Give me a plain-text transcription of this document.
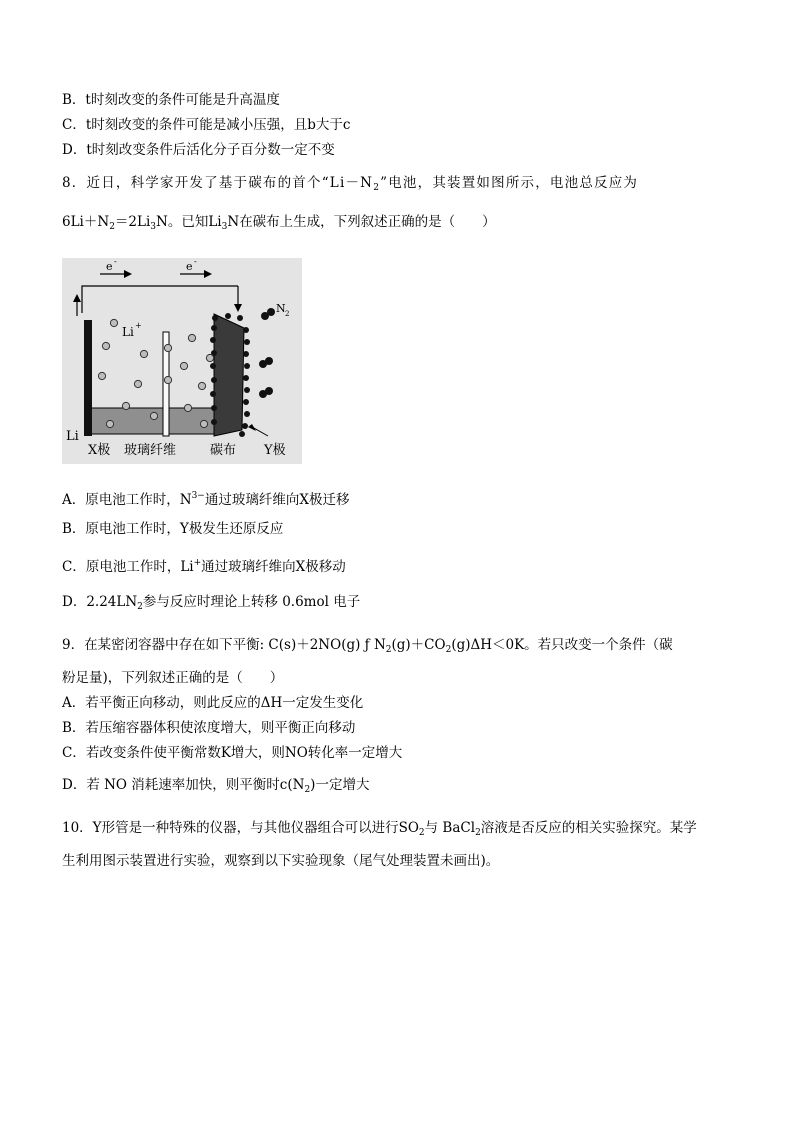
B．t时刻改变的条件可能是升高温度
C．t时刻改变的条件可能是减小压强，且b大于c
D．t时刻改变条件后活化分子百分数一定不变
8．近日，科学家开发了基于碳布的首个“$Li-N_2$”电池，其装置如图所示，电池总反应为
$6Li+N_2=2Li_3N$。已知$Li_3N$在碳布上生成，下列叙述正确的是（　　）
e -	e -
N 2
Li +
Li
X极 玻璃纤维	碳布 Y极
A．原电池工作时，$N^{3-}$通过玻璃纤维向X极迁移
B．原电池工作时，Y极发生还原反应
C．原电池工作时，Li+通过玻璃纤维向X极移动
D．$2.24LN_2$参与反应时理论上转移 0.6mol 电子
9．在某密闭容器中存在如下平衡: C(s)＋2NO(g) ƒ $N_2(g)+CO_2(g)\Delta H<0K$。若只改变一个条件（碳
粉足量)，下列叙述正确的是（　　）
A．若平衡正向移动，则此反应的ΔH一定发生变化
B．若压缩容器体积使浓度增大，则平衡正向移动
C．若改变条件使平衡常数K增大，则NO转化率一定增大
D．若 NO 消耗速率加快，则平衡时$c(N_2)$一定增大
10．Y形管是一种特殊的仪器，与其他仪器组合可以进行$SO_2$与 BaCl$_2$溶液是否反应的相关实验探究。某学
生利用图示装置进行实验，观察到以下实验现象（尾气处理装置未画出)。
